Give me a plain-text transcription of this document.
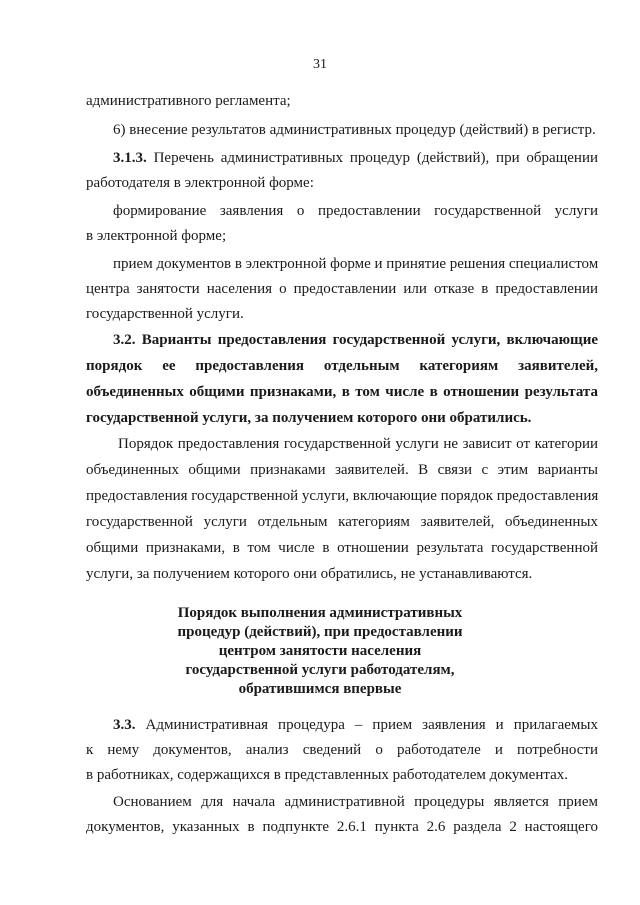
31
административного регламента;
6) внесение результатов административных процедур (действий) в регистр.
3.1.3. Перечень административных процедур (действий), при обращении
работодателя в электронной форме:
формирование заявления о предоставлении государственной услуги
в электронной форме;
прием документов в электронной форме и принятие решения специалистом
центра занятости населения о предоставлении или отказе в предоставлении
государственной услуги.
3.2. Варианты предоставления государственной услуги, включающие
порядок ее предоставления отдельным категориям заявителей,
объединенных общими признаками, в том числе в отношении результата
государственной услуги, за получением которого они обратились.
Порядок предоставления государственной услуги не зависит от категории
объединенных общими признаками заявителей. В связи с этим варианты
предоставления государственной услуги, включающие порядок предоставления
государственной услуги отдельным категориям заявителей, объединенных
общими признаками, в том числе в отношении результата государственной
услуги, за получением которого они обратились, не устанавливаются.
Порядок выполнения административных
процедур (действий), при предоставлении
центром занятости населения
государственной услуги работодателям,
обратившимся впервые
3.3. Административная процедура – прием заявления и прилагаемых
к нему документов, анализ сведений о работодателе и потребности
в работниках, содержащихся в представленных работодателем документах.
Основанием для начала административной процедуры является прием
документов, указанных в подпункте 2.6.1 пункта 2.6 раздела 2 настоящего
